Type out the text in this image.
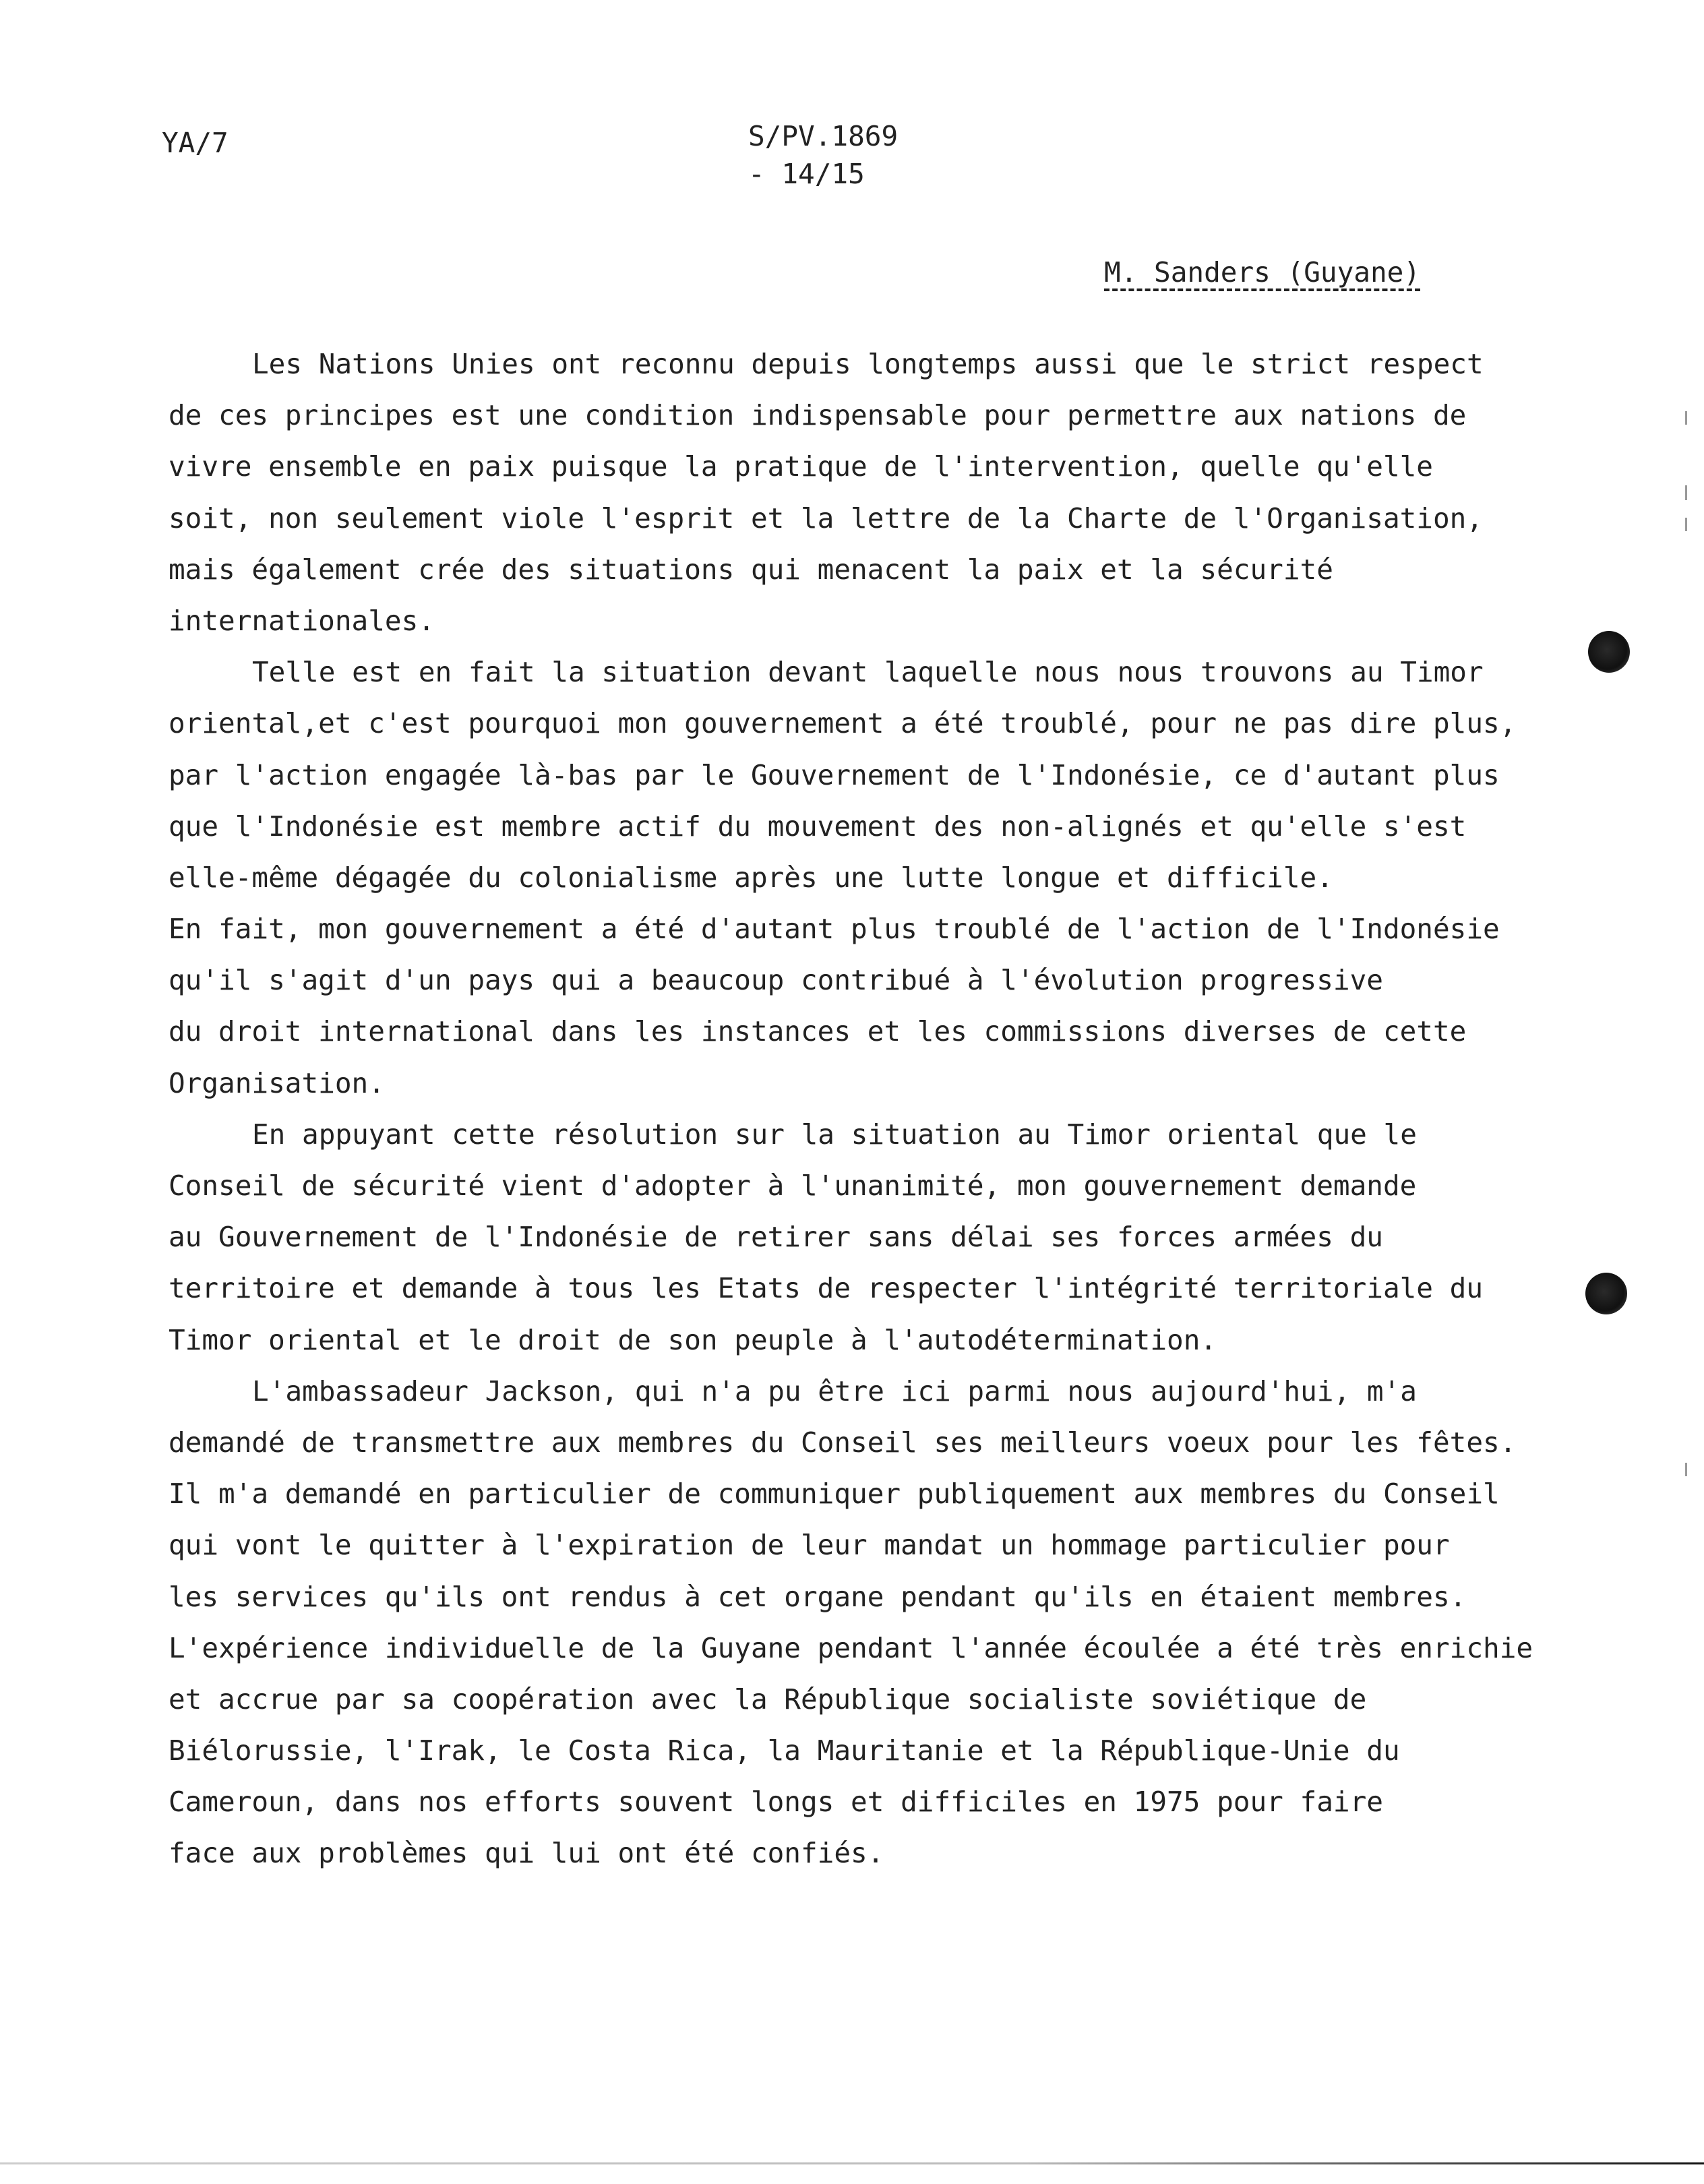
YA/7	S/PV.1869
- 14/15
M. Sanders (Guyane)
Les Nations Unies ont reconnu depuis longtemps aussi que le strict respect
de ces principes est une condition indispensable pour permettre aux nations de
vivre ensemble en paix puisque la pratique de l'intervention, quelle qu'elle
soit, non seulement viole l'esprit et la lettre de la Charte de l'Organisation,
mais également crée des situations qui menacent la paix et la sécurité
internationales.
Telle est en fait la situation devant laquelle nous nous trouvons au Timor
oriental,et c'est pourquoi mon gouvernement a été troublé, pour ne pas dire plus,
par l'action engagée là-bas par le Gouvernement de l'Indonésie, ce d'autant plus
que l'Indonésie est membre actif du mouvement des non-alignés et qu'elle s'est
elle-même dégagée du colonialisme après une lutte longue et difficile.
En fait, mon gouvernement a été d'autant plus troublé de l'action de l'Indonésie
qu'il s'agit d'un pays qui a beaucoup contribué à l'évolution progressive
du droit international dans les instances et les commissions diverses de cette
Organisation.
En appuyant cette résolution sur la situation au Timor oriental que le
Conseil de sécurité vient d'adopter à l'unanimité, mon gouvernement demande
au Gouvernement de l'Indonésie de retirer sans délai ses forces armées du
territoire et demande à tous les Etats de respecter l'intégrité territoriale du
Timor oriental et le droit de son peuple à l'autodétermination.
L'ambassadeur Jackson, qui n'a pu être ici parmi nous aujourd'hui, m'a
demandé de transmettre aux membres du Conseil ses meilleurs voeux pour les fêtes.
Il m'a demandé en particulier de communiquer publiquement aux membres du Conseil
qui vont le quitter à l'expiration de leur mandat un hommage particulier pour
les services qu'ils ont rendus à cet organe pendant qu'ils en étaient membres.
L'expérience individuelle de la Guyane pendant l'année écoulée a été très enrichie
et accrue par sa coopération avec la République socialiste soviétique de
Biélorussie, l'Irak, le Costa Rica, la Mauritanie et la République-Unie du
Cameroun, dans nos efforts souvent longs et difficiles en 1975 pour faire
face aux problèmes qui lui ont été confiés.
